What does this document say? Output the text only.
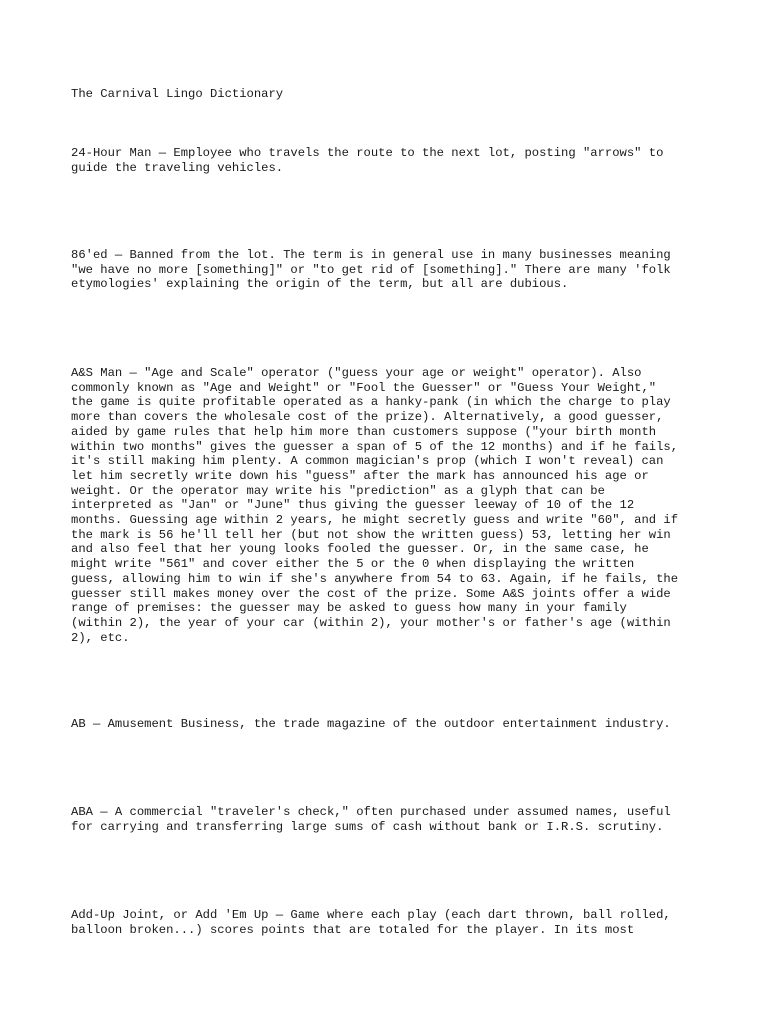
The Carnival Lingo Dictionary

24-Hour Man — Employee who travels the route to the next lot, posting "arrows" to

guide the traveling vehicles.

86'ed — Banned from the lot. The term is in general use in many businesses meaning

"we have no more [something]" or "to get rid of [something]." There are many 'folk

etymologies' explaining the origin of the term, but all are dubious.

A&S Man — "Age and Scale" operator ("guess your age or weight" operator). Also

commonly known as "Age and Weight" or "Fool the Guesser" or "Guess Your Weight,"

the game is quite profitable operated as a hanky-pank (in which the charge to play

more than covers the wholesale cost of the prize). Alternatively, a good guesser,

aided by game rules that help him more than customers suppose ("your birth month

within two months" gives the guesser a span of 5 of the 12 months) and if he fails,

it's still making him plenty. A common magician's prop (which I won't reveal) can

let him secretly write down his "guess" after the mark has announced his age or

weight. Or the operator may write his "prediction" as a glyph that can be

interpreted as "Jan" or "June" thus giving the guesser leeway of 10 of the 12

months. Guessing age within 2 years, he might secretly guess and write "60", and if

the mark is 56 he'll tell her (but not show the written guess) 53, letting her win

and also feel that her young looks fooled the guesser. Or, in the same case, he

might write "561" and cover either the 5 or the 0 when displaying the written

guess, allowing him to win if she's anywhere from 54 to 63. Again, if he fails, the

guesser still makes money over the cost of the prize. Some A&S joints offer a wide

range of premises: the guesser may be asked to guess how many in your family

(within 2), the year of your car (within 2), your mother's or father's age (within

2), etc.

AB — Amusement Business, the trade magazine of the outdoor entertainment industry.

ABA — A commercial "traveler's check," often purchased under assumed names, useful

for carrying and transferring large sums of cash without bank or I.R.S. scrutiny.

Add-Up Joint, or Add 'Em Up — Game where each play (each dart thrown, ball rolled,

balloon broken...) scores points that are totaled for the player. In its most
